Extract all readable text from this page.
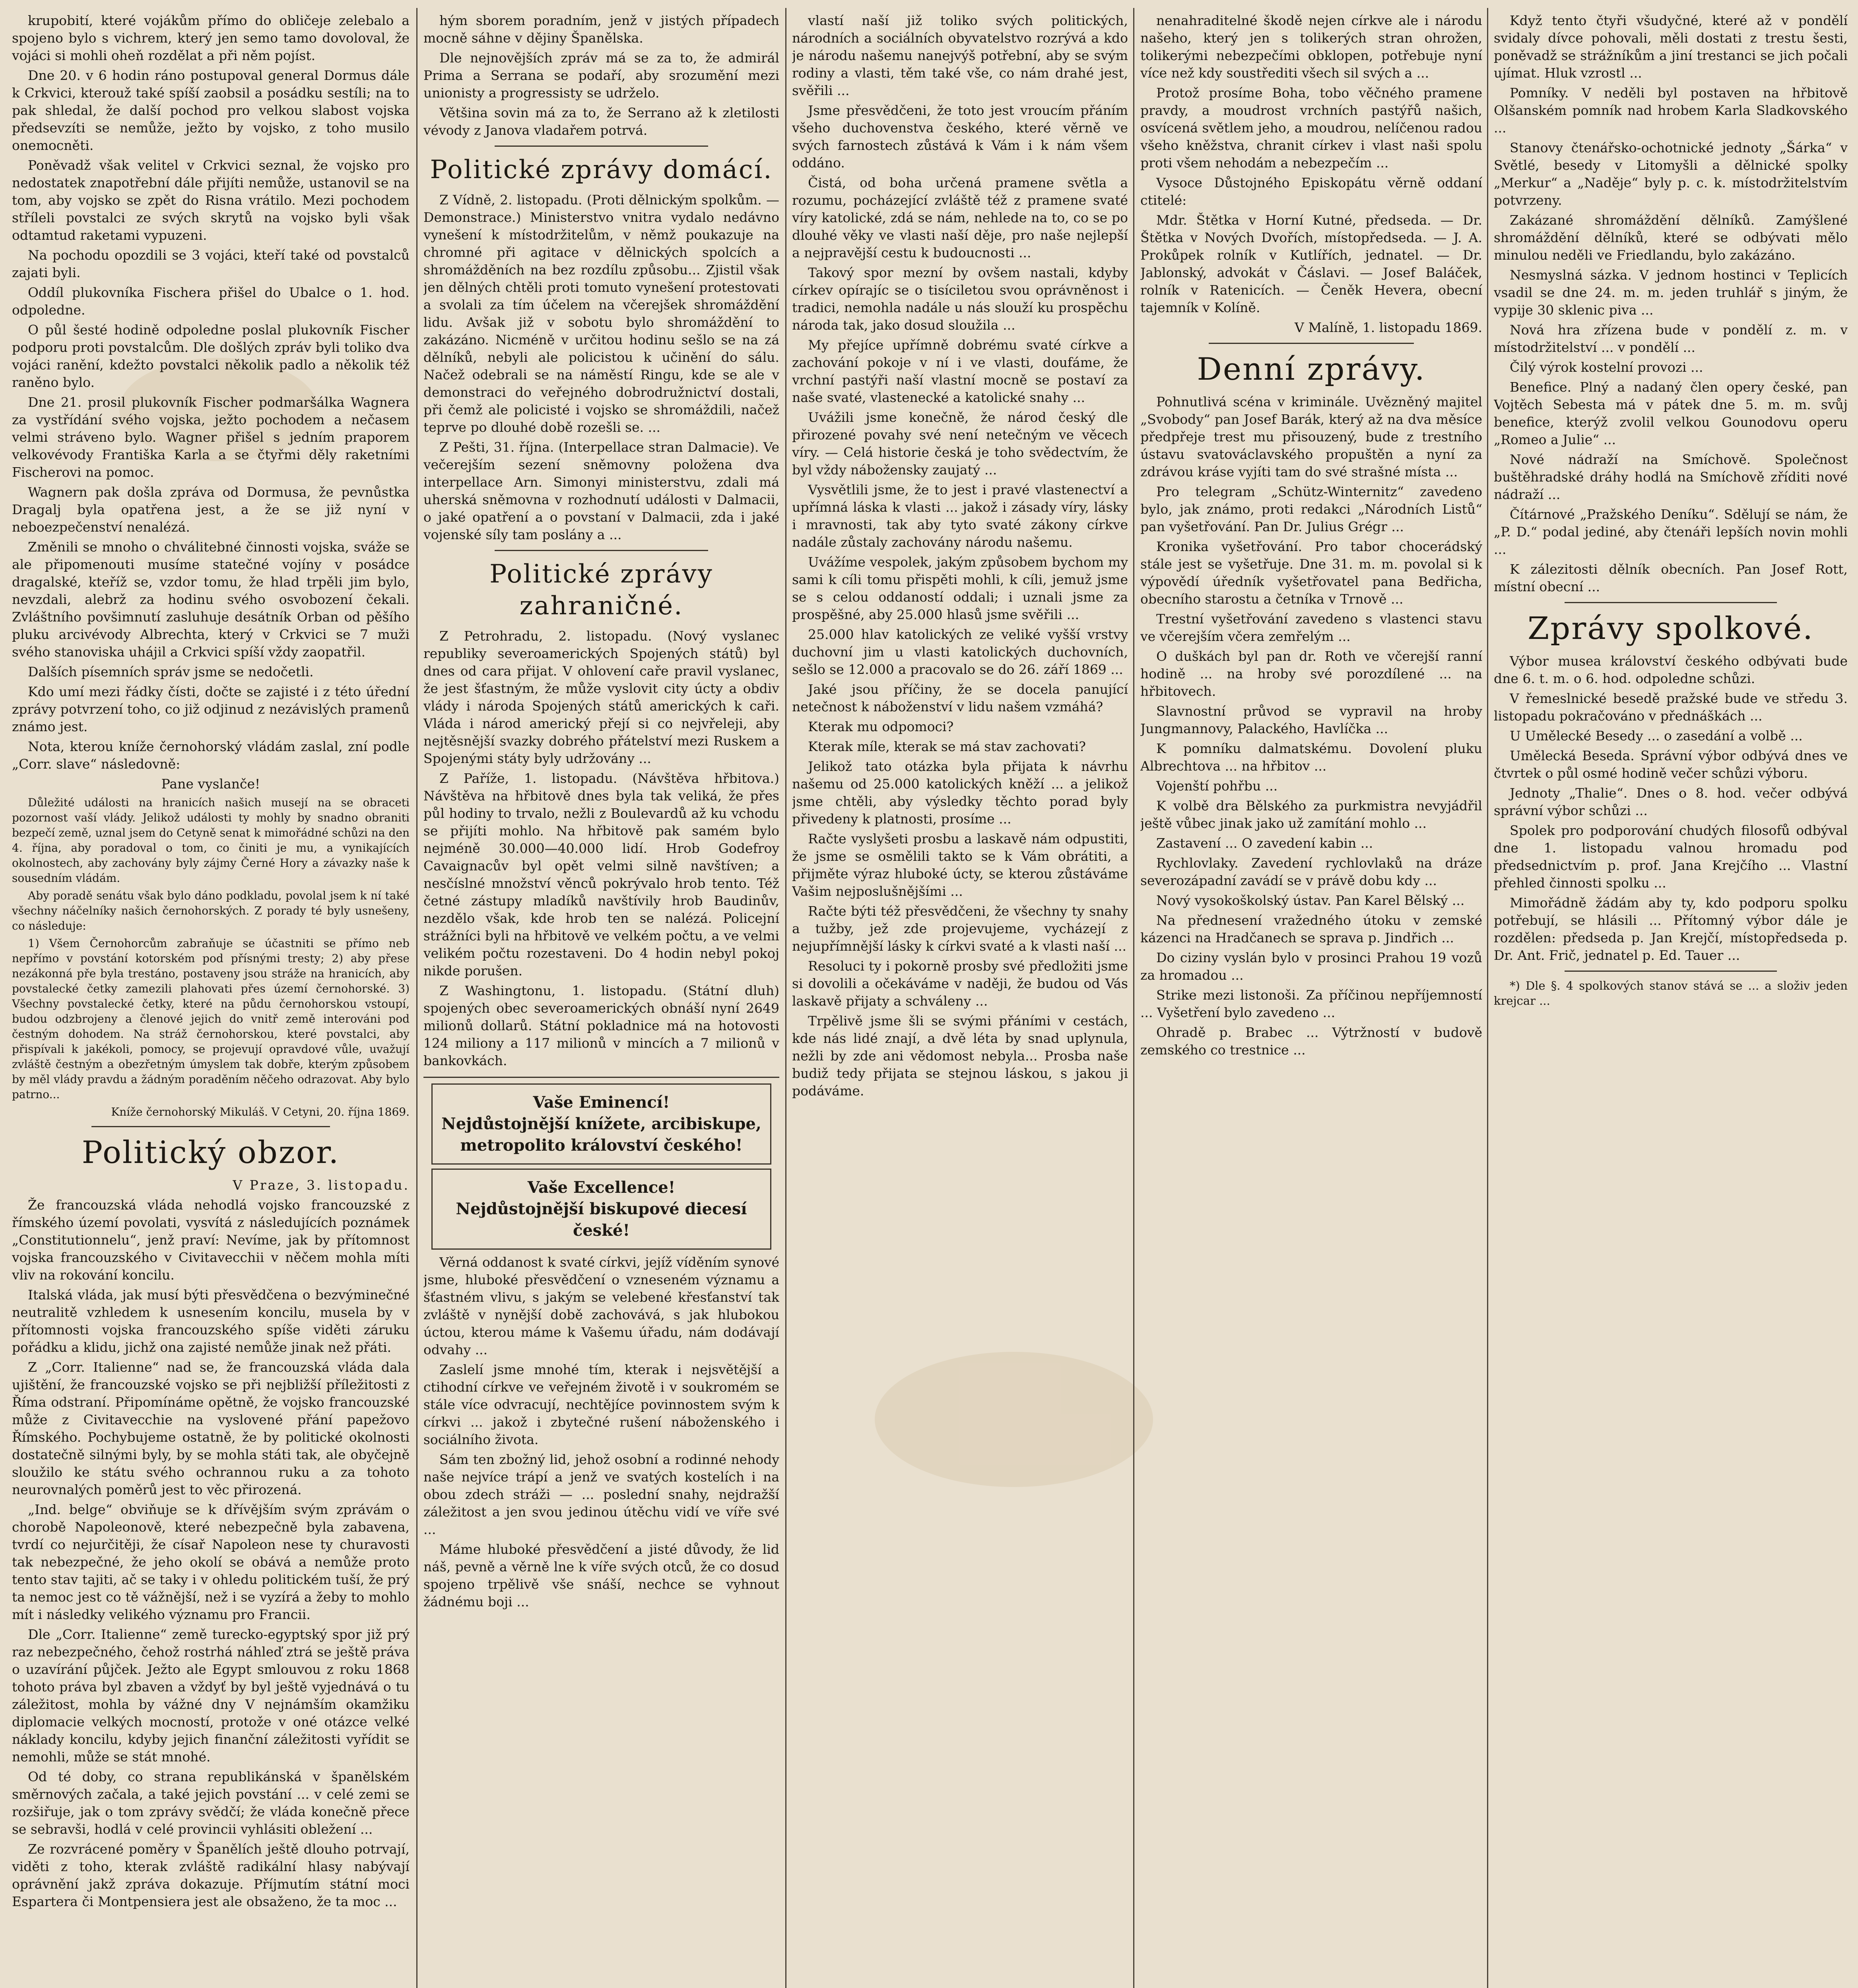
krupobití, které vojákům přímo do obličeje zelebalo a spojeno bylo s vichrem, který jen semo tamo dovoloval, že vojáci si mohli oheň rozdělat a při něm pojíst.

Dne 20. v 6 hodin ráno postupoval general Dormus dále k Crkvici, kterouž také spíší zaobsil a posádku sestíli; na to pak shledal, že další pochod pro velkou slabost vojska předsevzíti se nemůže, ježto by vojsko, z toho musilo onemocněti.

Poněvadž však velitel v Crkvici seznal, že vojsko pro nedostatek znapotřební dále přijíti nemůže, ustanovil se na tom, aby vojsko se zpět do Risna vrátilo. Mezi pochodem stříleli povstalci ze svých skrytů na vojsko byli však odtamtud raketami vypuzeni.

Na pochodu opozdili se 3 vojáci, kteří také od povstalců zajati byli.

Oddíl plukovníka Fischera přišel do Ubalce o 1. hod. odpoledne.

O půl šesté hodině odpoledne poslal plukovník Fischer podporu proti povstalcům. Dle došlých zpráv byli toliko dva vojáci ranění, kdežto povstalci několik padlo a několik též raněno bylo.

Dne 21. prosil plukovník Fischer podmaršálka Wagnera za vystřídání svého vojska, ježto pochodem a nečasem velmi stráveno bylo. Wagner přišel s jedním praporem velkovévody Františka Karla a se čtyřmi děly raketními Fischerovi na pomoc.

Wagnern pak došla zpráva od Dormusa, že pevnůstka Dragalj byla opatřena jest, a že se již nyní v neboezpečenství nenalézá.

Změnili se mnoho o chválitebné činnosti vojska, sváže se ale připomenouti musíme statečné vojíny v posádce dragalské, kteříž se, vzdor tomu, že hlad trpěli jim bylo, nevzdali, alebrž za hodinu svého osvobození čekali. Zvláštního povšimnutí zasluhuje desátník Orban od pěšího pluku arcivévody Albrechta, který v Crkvici se 7 muži svého stanoviska uhájil a Crkvici spíší vždy zaopatřil.

Dalších písemních správ jsme se nedočetli.

Kdo umí mezi řádky čísti, dočte se zajisté i z této úřední zprávy potvrzení toho, co již odjinud z nezávislých pramenů známo jest.

Nota, kterou kníže černohorský vládám zaslal, zní podle „Corr. slave“ následovně:

Pane vyslanče!

Důležité události na hranicích našich musejí na se obraceti pozornost vaší vlády. Jelikož události ty mohly by snadno obraniti bezpečí země, uznal jsem do Cetyně senat k mimořádné schůzi na den 4. října, aby poradoval o tom, co činiti je mu, a vynikajících okolnostech, aby zachovány byly zájmy Černé Hory a závazky naše k sousedním vládám.

Aby poradě senátu však bylo dáno podkladu, povolal jsem k ní také všechny náčelníky našich černohorských. Z porady té byly usnešeny, co následuje:

1) Všem Černohorcům zabraňuje se účastniti se přímo neb nepřímo v povstání kotorském pod přísnými tresty; 2) aby přese nezákonná pře byla trestáno, postaveny jsou stráže na hranicích, aby povstalecké četky zamezili plahovati přes území černohorské. 3) Všechny povstalecké četky, které na půdu černohorskou vstoupí, budou odzbrojeny a členové jejich do vnitř země interováni pod čestným dohodem. Na stráž černohorskou, které povstalci, aby přispívali k jakékoli, pomocy, se projevují opravdové vůle, uvažují zvláště čestným a obezřetným úmyslem tak dobře, kterým způsobem by měl vlády pravdu a žádným poraděním něčeho odrazovat. Aby bylo patrno...

Kníže černohorský Mikuláš. V Cetyni, 20. října 1869.

Politický obzor.

V Praze, 3. listopadu.

Že francouzská vláda nehodlá vojsko francouzské z římského území povolati, vysvítá z následujících poznámek „Constitutionnelu“, jenž praví: Nevíme, jak by přítomnost vojska francouzského v Civitavecchii v něčem mohla míti vliv na rokování koncilu.

Italská vláda, jak musí býti přesvědčena o bezvýminečné neutralitě vzhledem k usnesením koncilu, musela by v přítomnosti vojska francouzského spíše viděti záruku pořádku a klidu, jichž ona zajisté nemůže jinak než přáti.

Z „Corr. Italienne“ nad se, že francouzská vláda dala ujištění, že francouzské vojsko se při nejbližší příležitosti z Říma odstraní. Připomínáme opětně, že vojsko francouzské může z Civitavecchie na vyslovené přání papežovo Římského. Pochybujeme ostatně, že by politické okolnosti dostatečně silnými byly, by se mohla státi tak, ale obyčejně sloužilo ke státu svého ochrannou ruku a za tohoto neurovnalých poměrů jest to věc přirozená.

„Ind. belge“ obviňuje se k dřívějším svým zprávám o chorobě Napoleonově, které nebezpečně byla zabavena, tvrdí co nejurčitěji, že císař Napoleon nese ty churavosti tak nebezpečné, že jeho okolí se obává a nemůže proto tento stav tajiti, ač se taky i v ohledu politickém tuší, že prý ta nemoc jest co tě vážnější, než i se vyzírá a žeby to mohlo mít i následky velikého významu pro Francii.

Dle „Corr. Italienne“ země turecko-egyptský spor již prý raz nebezpečného, čehož rostrhá náhleď ztrá se ještě práva o uzavírání půjček. Ježto ale Egypt smlouvou z roku 1868 tohoto práva byl zbaven a vždyť by byl ještě vyjednává o tu záležitost, mohla by vážné dny V nejnámším okamžiku diplomacie velkých mocností, protože v oné otázce velké náklady koncilu, kdyby jejich finanční záležitosti vyřídit se nemohli, může se stát mnohé.

Od té doby, co strana republikánská v španělském směrnových začala, a také jejich povstání ... v celé zemi se rozšiřuje, jak o tom zprávy svědčí; že vláda konečně přece se sebravši, hodlá v celé provincii vyhlásiti obležení ...

Ze rozvrácené poměry v Španělích ještě dlouho potrvají, viděti z toho, kterak zvláště radikální hlasy nabývají oprávnění jakž zpráva dokazuje. Příjmutím státní moci Espartera či Montpensiera jest ale obsaženo, že ta moc ...

hým sborem poradním, jenž v jistých případech mocně sáhne v dějiny Španělska.

Dle nejnovějších zpráv má se za to, že admirál Prima a Serrana se podaří, aby srozumění mezi unionisty a progressisty se udrželo.

Většina sovin má za to, že Serrano až k zletilosti vévody z Janova vladařem potrvá.

Politické zprávy domácí.

Z Vídně, 2. listopadu. (Proti dělnickým spolkům. — Demonstrace.) Ministerstvo vnitra vydalo nedávno vynešení k místodržitelům, v němž poukazuje na chromné při agitace v dělnických spolcích a shromážděních na bez rozdílu způsobu... Zjistil však jen dělných chtěli proti tomuto vynešení protestovati a svolali za tím účelem na včerejšek shromáždění lidu. Avšak již v sobotu bylo shromáždění to zakázáno. Nicméně v určitou hodinu sešlo se na zá dělníků, nebyli ale policistou k učinění do sálu. Načež odebrali se na náměstí Ringu, kde se ale v demonstraci do veřejného dobrodružnictví dostali, při čemž ale policisté i vojsko se shromáždili, načež teprve po dlouhé době rozešli se. ...

Z Pešti, 31. října. (Interpellace stran Dalmacie). Ve večerejším sezení sněmovny položena dva interpellace Arn. Simonyi ministerstvu, zdali má uherská sněmovna v rozhodnutí události v Dalmacii, o jaké opatření a o povstaní v Dalmacii, zda i jaké vojenské síly tam poslány a ...

Politické zprávy zahraničné.

Z Petrohradu, 2. listopadu. (Nový vyslanec republiky severoamerických Spojených států) byl dnes od cara přijat. V ohlovení caře pravil vyslanec, že jest šťastným, že může vyslovit city úcty a obdiv vlády i národa Spojených států amerických k caři. Vláda i národ americký přejí si co nejvřeleji, aby nejtěsnější svazky dobrého přátelství mezi Ruskem a Spojenými státy byly udržovány ...

Z Paříže, 1. listopadu. (Návštěva hřbitova.) Návštěva na hřbitově dnes byla tak veliká, že přes půl hodiny to trvalo, nežli z Boulevardů až ku vchodu se přijíti mohlo. Na hřbitově pak samém bylo nejméně 30.000—40.000 lidí. Hrob Godefroy Cavaignacův byl opět velmi silně navštíven; a nesčíslné množství věnců pokrývalo hrob tento. Též četné zástupy mladíků navštívily hrob Baudinův, nezdělo však, kde hrob ten se nalézá. Policejní strážníci byli na hřbitově ve velkém počtu, a ve velmi velikém počtu rozestaveni. Do 4 hodin nebyl pokoj nikde porušen.

Z Washingtonu, 1. listopadu. (Státní dluh) spojených obec severoamerických obnáší nyní 2649 milionů dollarů. Státní pokladnice má na hotovosti 124 miliony a 117 milionů v mincích a 7 milionů v bankovkách.

Vaše Eminencí!
Nejdůstojnější knížete, arcibiskupe, metropolito království českého!
Vaše Excellence!
Nejdůstojnější biskupové diecesí české!

Věrná oddanost k svaté církvi, jejíž víděním synové jsme, hluboké přesvědčení o vzneseném významu a šťastném vlivu, s jakým se velebené křesťanství tak zvláště v nynější době zachovává, s jak hlubokou úctou, kterou máme k Vašemu úřadu, nám dodávají odvahy ...

Zaslelí jsme mnohé tím, kterak i nejsvětější a ctihodní církve ve veřejném životě i v soukromém se stále více odvracují, nechtějíce povinnostem svým k církvi ... jakož i zbytečné rušení náboženského i sociálního života.

Sám ten zbožný lid, jehož osobní a rodinné nehody naše nejvíce trápí a jenž ve svatých kostelích i na obou zdech stráži — ... poslední snahy, nejdražší záležitost a jen svou jedinou útěchu vidí ve víře své ...

Máme hluboké přesvědčení a jisté důvody, že lid náš, pevně a věrně lne k víře svých otců, že co dosud spojeno trpělivě vše snáší, nechce se vyhnout žádnému boji ...

vlastí naší již toliko svých politických, národních a sociálních obyvatelstvo rozrývá a kdo je národu našemu nanejvýš potřební, aby se svým rodiny a vlasti, těm také vše, co nám drahé jest, svěřili ...

Jsme přesvědčeni, že toto jest vroucím přáním všeho duchovenstva českého, které věrně ve svých farnostech zůstává k Vám i k nám všem oddáno.

Čistá, od boha určená pramene světla a rozumu, pocházející zvláště též z pramene svaté víry katolické, zdá se nám, nehlede na to, co se po dlouhé věky ve vlasti naší děje, pro naše nejlepší a nejpravější cestu k budoucnosti ...

Takový spor mezní by ovšem nastali, kdyby církev opírajíc se o tisíciletou svou oprávněnost i tradici, nemohla nadále u nás slouží ku prospěchu národa tak, jako dosud sloužila ...

My přejíce upřímně dobrému svaté církve a zachování pokoje v ní i ve vlasti, doufáme, že vrchní pastýři naší vlastní mocně se postaví za naše svaté, vlastenecké a katolické snahy ...

Uvážili jsme konečně, že národ český dle přirozené povahy své není netečným ve věcech víry. — Celá historie česká je toho svědectvím, že byl vždy nábožensky zaujatý ...

Vysvětlili jsme, že to jest i pravé vlastenectví a upřímná láska k vlasti ... jakož i zásady víry, lásky i mravnosti, tak aby tyto svaté zákony církve nadále zůstaly zachovány národu našemu.

Uvážíme vespolek, jakým způsobem bychom my sami k cíli tomu přispěti mohli, k cíli, jemuž jsme se s celou oddaností oddali; i uznali jsme za prospěšné, aby 25.000 hlasů jsme svěřili ...

25.000 hlav katolických ze veliké vyšší vrstvy duchovní jim u vlasti katolických duchovních, sešlo se 12.000 a pracovalo se do 26. září 1869 ...

Jaké jsou příčiny, že se docela panující netečnost k náboženství v lidu našem vzmáhá?

Kterak mu odpomoci?

Kterak míle, kterak se má stav zachovati?

Jelikož tato otázka byla přijata k návrhu našemu od 25.000 katolických kněží ... a jelikož jsme chtěli, aby výsledky těchto porad byly přivedeny k platnosti, prosíme ...

Račte vyslyšeti prosbu a laskavě nám odpustiti, že jsme se osmělili takto se k Vám obrátiti, a přijměte výraz hluboké úcty, se kterou zůstáváme Vašim nejposlušnějšími ...

Račte býti též přesvědčeni, že všechny ty snahy a tužby, jež zde projevujeme, vycházejí z nejupřímnější lásky k církvi svaté a k vlasti naší ...

Resoluci ty i pokorně prosby své předložiti jsme si dovolili a očekáváme v naději, že budou od Vás laskavě přijaty a schváleny ...

Trpělivě jsme šli se svými přáními v cestách, kde nás lidé znají, a dvě léta by snad uplynula, nežli by zde ani vědomost nebyla... Prosba naše budiž tedy přijata se stejnou láskou, s jakou ji podáváme.

nenahraditelné škodě nejen církve ale i národu našeho, který jen s tolikerých stran ohrožen, tolikerými nebezpečími obklopen, potřebuje nyní více než kdy soustřediti všech sil svých a ...

Protož prosíme Boha, tobo věčného pramene pravdy, a moudrost vrchních pastýřů našich, osvícená světlem jeho, a moudrou, nelíčenou radou všeho kněžstva, chranit církev i vlast naši spolu proti všem nehodám a nebezpečím ...

Vysoce Důstojného Episkopátu věrně oddaní ctitelé:

Mdr. Štětka v Horní Kutné, předseda. — Dr. Štětka v Nových Dvořích, místopředseda. — J. A. Prokůpek rolník v Kutlířích, jednatel. — Dr. Jablonský, advokát v Čáslavi. — Josef Baláček, rolník v Ratenicích. — Čeněk Hevera, obecní tajemník v Kolíně.

V Malíně, 1. listopadu 1869.

Denní zprávy.

Pohnutlivá scéna v kriminále. Uvězněný majitel „Svobody“ pan Josef Barák, který až na dva měsíce předpřeje trest mu přisouzený, bude z trestního ústavu svatováclavského propuštěn a nyní za zdrávou kráse vyjíti tam do své strašné místa ...

Pro telegram „Schütz-Winternitz“ zavedeno bylo, jak známo, proti redakci „Národních Listů“ pan vyšetřování. Pan Dr. Julius Grégr ...

Kronika vyšetřování. Pro tabor chocerádský stále jest se vyšetřuje. Dne 31. m. m. povolal si k výpovědí úředník vyšetřovatel pana Bedřicha, obecního starostu a četníka v Trnově ...

Trestní vyšetřování zavedeno s vlastenci stavu ve včerejším včera zemřelým ...

O duškách byl pan dr. Roth ve včerejší ranní hodině ... na hroby své porozdílené ... na hřbitovech.

Slavnostní průvod se vypravil na hroby Jungmannovy, Palackého, Havlíčka ...

K pomníku dalmatskému. Dovolení pluku Albrechtova ... na hřbitov ...

Vojenští pohřbu ...

K volbě dra Bělského za purkmistra nevyjádřil ještě vůbec jinak jako už zamítání mohlo ...

Zastavení ... O zavedení kabin ...

Rychlovlaky. Zavedení rychlovlaků na dráze severozápadní zavádí se v právě dobu kdy ...

Nový vysokoškolský ústav. Pan Karel Bělský ...

Na přednesení vražedného útoku v zemské kázenci na Hradčanech se sprava p. Jindřich ...

Do ciziny vyslán bylo v prosinci Prahou 19 vozů za hromadou ...

Strike mezi listonoši. Za příčinou nepříjemností ... Vyšetření bylo zavedeno ...

Ohradě p. Brabec ... Výtržností v budově zemského co trestnice ...

Když tento čtyři všudyčné, které až v pondělí svidaly dívce pohovali, měli dostati z trestu šesti, poněvadž se strážníkům a jiní trestanci se jich počali ujímat. Hluk vzrostl ...

Pomníky. V neděli byl postaven na hřbitově Olšanském pomník nad hrobem Karla Sladkovského ...

Stanovy čtenářsko-ochotnické jednoty „Šárka“ v Světlé, besedy v Litomyšli a dělnické spolky „Merkur“ a „Naděje“ byly p. c. k. místodržitelstvím potvrzeny.

Zakázané shromáždění dělníků. Zamýšlené shromáždění dělníků, které se odbývati mělo minulou neděli ve Friedlandu, bylo zakázáno.

Nesmyslná sázka. V jednom hostinci v Teplicích vsadil se dne 24. m. m. jeden truhlář s jiným, že vypije 30 sklenic piva ...

Nová hra zřízena bude v pondělí z. m. v místodržitelství ... v pondělí ...

Čilý výrok kostelní provozi ...

Benefice. Plný a nadaný člen opery české, pan Vojtěch Sebesta má v pátek dne 5. m. m. svůj benefice, kterýž zvolil velkou Gounodovu operu „Romeo a Julie“ ...

Nové nádraží na Smíchově. Společnost buštěhradské dráhy hodlá na Smíchově zříditi nové nádraží ...

Čítárnové „Pražského Deníku“. Sdělují se nám, že „P. D.“ podal jediné, aby čtenáři lepších novin mohli ...

K zálezitosti dělník obecních. Pan Josef Rott, místní obecní ...

Zprávy spolkové.

Výbor musea království českého odbývati bude dne 6. t. m. o 6. hod. odpoledne schůzi.

V řemeslnické besedě pražské bude ve středu 3. listopadu pokračováno v přednáškách ...

U Umělecké Besedy ... o zasedání a volbě ...

Umělecká Beseda. Správní výbor odbývá dnes ve čtvrtek o půl osmé hodině večer schůzi výboru.

Jednoty „Thalie“. Dnes o 8. hod. večer odbývá správní výbor schůzi ...

Spolek pro podporování chudých filosofů odbýval dne 1. listopadu valnou hromadu pod předsednictvím p. prof. Jana Krejčího ... Vlastní přehled činnosti spolku ...

Mimořádně žádám aby ty, kdo podporu spolku potřebují, se hlásili ... Přítomný výbor dále je rozdělen: předseda p. Jan Krejčí, místopředseda p. Dr. Ant. Frič, jednatel p. Ed. Tauer ...

*) Dle §. 4 spolkových stanov stává se ... a složiv jeden krejcar ...
